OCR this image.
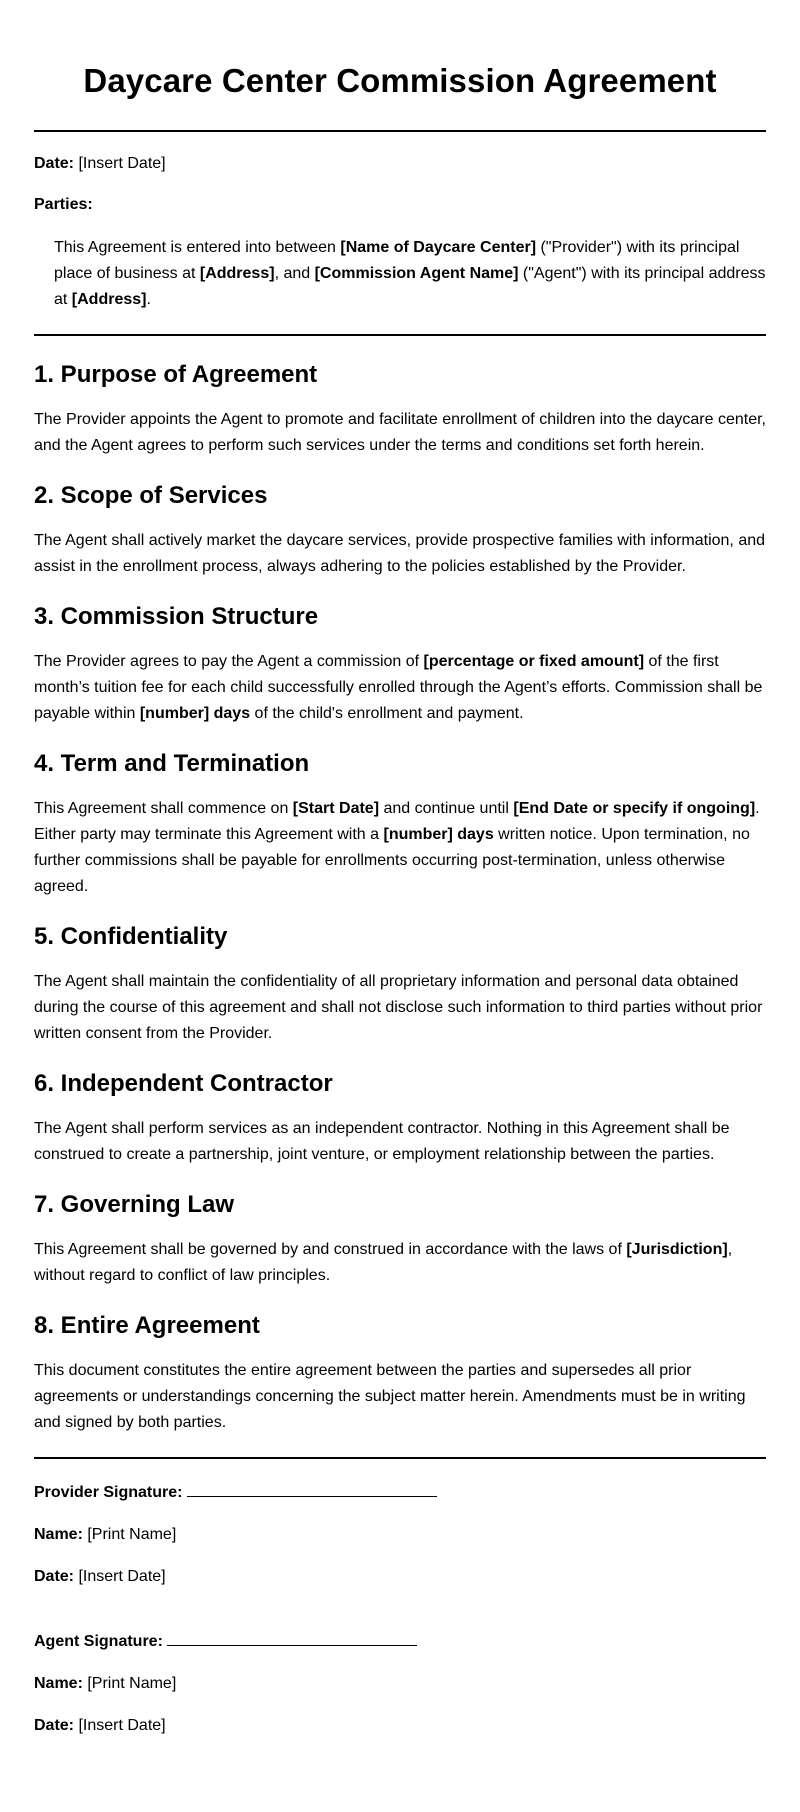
Daycare Center Commission Agreement

Date: [Insert Date]

Parties:

This Agreement is entered into between [Name of Daycare Center] ("Provider") with its principal place of business at [Address], and [Commission Agent Name] ("Agent") with its principal address at [Address].

1. Purpose of Agreement

The Provider appoints the Agent to promote and facilitate enrollment of children into the daycare center, and the Agent agrees to perform such services under the terms and conditions set forth herein.

2. Scope of Services

The Agent shall actively market the daycare services, provide prospective families with information, and assist in the enrollment process, always adhering to the policies established by the Provider.

3. Commission Structure

The Provider agrees to pay the Agent a commission of [percentage or fixed amount] of the first month’s tuition fee for each child successfully enrolled through the Agent’s efforts. Commission shall be payable within [number] days of the child's enrollment and payment.

4. Term and Termination

This Agreement shall commence on [Start Date] and continue until [End Date or specify if ongoing]. Either party may terminate this Agreement with a [number] days written notice. Upon termination, no further commissions shall be payable for enrollments occurring post-termination, unless otherwise agreed.

5. Confidentiality

The Agent shall maintain the confidentiality of all proprietary information and personal data obtained during the course of this agreement and shall not disclose such information to third parties without prior written consent from the Provider.

6. Independent Contractor

The Agent shall perform services as an independent contractor. Nothing in this Agreement shall be construed to create a partnership, joint venture, or employment relationship between the parties.

7. Governing Law

This Agreement shall be governed by and construed in accordance with the laws of [Jurisdiction], without regard to conflict of law principles.

8. Entire Agreement

This document constitutes the entire agreement between the parties and supersedes all prior agreements or understandings concerning the subject matter herein. Amendments must be in writing and signed by both parties.

Provider Signature:

Name: [Print Name]

Date: [Insert Date]

Agent Signature:

Name: [Print Name]

Date: [Insert Date]
